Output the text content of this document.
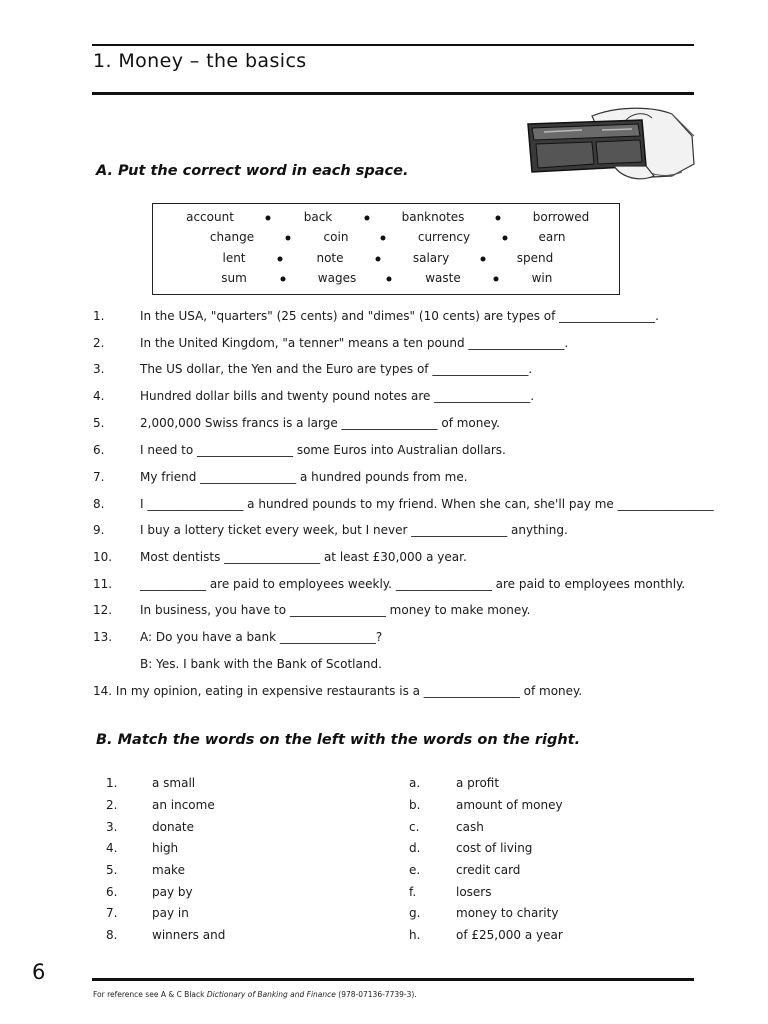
1. Money – the basics
A. Put the correct word in each space.
account	back	banknotes	borrowed
change	coin	currency	earn
lent	note	salary	spend
sum	wages	waste	win
1.	In the USA, "quarters" (25 cents) and "dimes" (10 cents) are types of ________________.
2.	In the United Kingdom, "a tenner" means a ten pound ________________.
3.	The US dollar, the Yen and the Euro are types of ________________.
4.	Hundred dollar bills and twenty pound notes are ________________.
5.	2,000,000 Swiss francs is a large ________________ of money.
6.	I need to ________________ some Euros into Australian dollars.
7.	My friend ________________ a hundred pounds from me.
8.	I ________________ a hundred pounds to my friend. When she can, she'll pay me ________________
9.	I buy a lottery ticket every week, but I never ________________ anything.
10. Most dentists ________________ at least £30,000 a year.
11. ___________ are paid to employees weekly. ________________ are paid to employees monthly.
12. In business, you have to ________________ money to make money.
13. A: Do you have a bank ________________?
B: Yes. I bank with the Bank of Scotland.
14. In my opinion, eating in expensive restaurants is a ________________ of money.
B. Match the words on the left with the words on the right.
1.	a small	a.	a profit
2.	an income	b.	amount of money
3.	donate	c.	cash
4.	high	d.	cost of living
5.	make	e.	credit card
6.	pay by	f.	losers
7.	pay in	g.	money to charity
8.	winners and	h.	of £25,000 a year
6
For reference see A & C Black Dictionary of Banking and Finance (978-07136-7739-3).
